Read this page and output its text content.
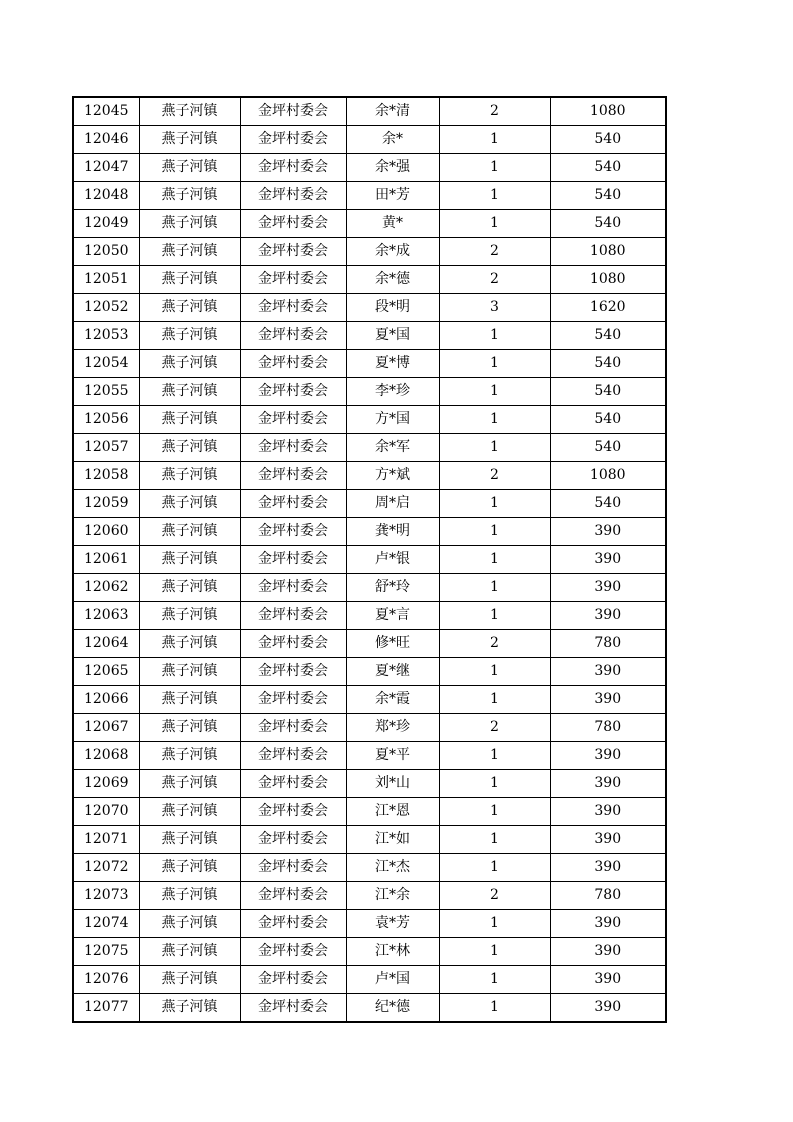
12045	燕子河镇	金坪村委会	余*清	2	1080
12046	燕子河镇	金坪村委会	余*	1	540
12047	燕子河镇	金坪村委会	余*强	1	540
12048	燕子河镇	金坪村委会	田*芳	1	540
12049	燕子河镇	金坪村委会	黄*	1	540
12050	燕子河镇	金坪村委会	余*成	2	1080
12051	燕子河镇	金坪村委会	余*德	2	1080
12052	燕子河镇	金坪村委会	段*明	3	1620
12053	燕子河镇	金坪村委会	夏*国	1	540
12054	燕子河镇	金坪村委会	夏*博	1	540
12055	燕子河镇	金坪村委会	李*珍	1	540
12056	燕子河镇	金坪村委会	方*国	1	540
12057	燕子河镇	金坪村委会	余*军	1	540
12058	燕子河镇	金坪村委会	方*斌	2	1080
12059	燕子河镇	金坪村委会	周*启	1	540
12060	燕子河镇	金坪村委会	龚*明	1	390
12061	燕子河镇	金坪村委会	卢*银	1	390
12062	燕子河镇	金坪村委会	舒*玲	1	390
12063	燕子河镇	金坪村委会	夏*言	1	390
12064	燕子河镇	金坪村委会	修*旺	2	780
12065	燕子河镇	金坪村委会	夏*继	1	390
12066	燕子河镇	金坪村委会	余*霞	1	390
12067	燕子河镇	金坪村委会	郑*珍	2	780
12068	燕子河镇	金坪村委会	夏*平	1	390
12069	燕子河镇	金坪村委会	刘*山	1	390
12070	燕子河镇	金坪村委会	江*恩	1	390
12071	燕子河镇	金坪村委会	江*如	1	390
12072	燕子河镇	金坪村委会	江*杰	1	390
12073	燕子河镇	金坪村委会	江*余	2	780
12074	燕子河镇	金坪村委会	袁*芳	1	390
12075	燕子河镇	金坪村委会	江*林	1	390
12076	燕子河镇	金坪村委会	卢*国	1	390
12077	燕子河镇	金坪村委会	纪*德	1	390
